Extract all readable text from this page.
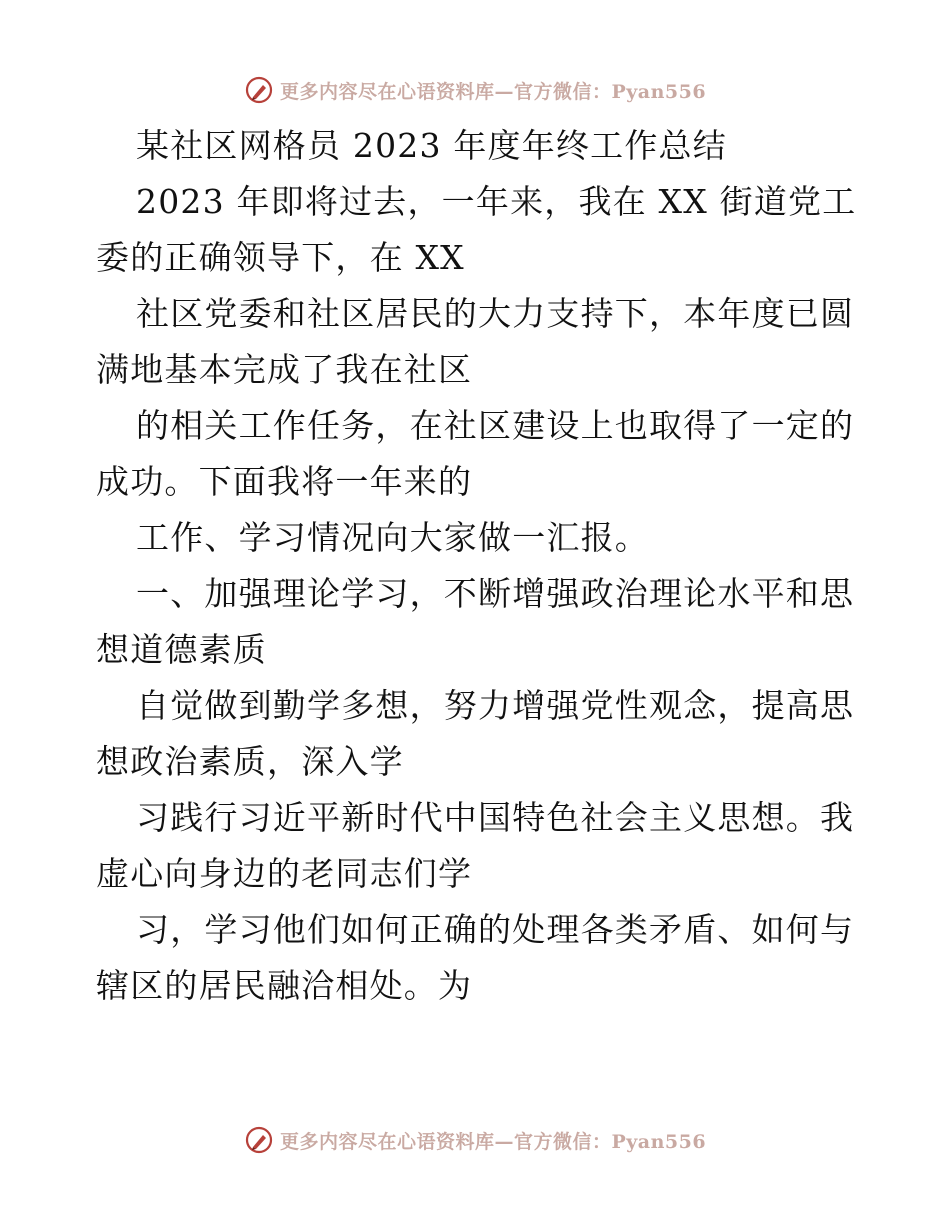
更多内容尽在心语资料库—官方微信：Pyan556
某社区网格员 2023 年度年终工作总结
2023 年即将过去，一年来，我在 XX 街道党工
委的正确领导下，在 XX
社区党委和社区居民的大力支持下，本年度已圆
满地基本完成了我在社区
的相关工作任务，在社区建设上也取得了一定的
成功。下面我将一年来的
工作、学习情况向大家做一汇报。
一、加强理论学习，不断增强政治理论水平和思
想道德素质
自觉做到勤学多想，努力增强党性观念，提高思
想政治素质，深入学
习践行习近平新时代中国特色社会主义思想。我
虚心向身边的老同志们学
习，学习他们如何正确的处理各类矛盾、如何与
辖区的居民融洽相处。为
更多内容尽在心语资料库—官方微信：Pyan556
